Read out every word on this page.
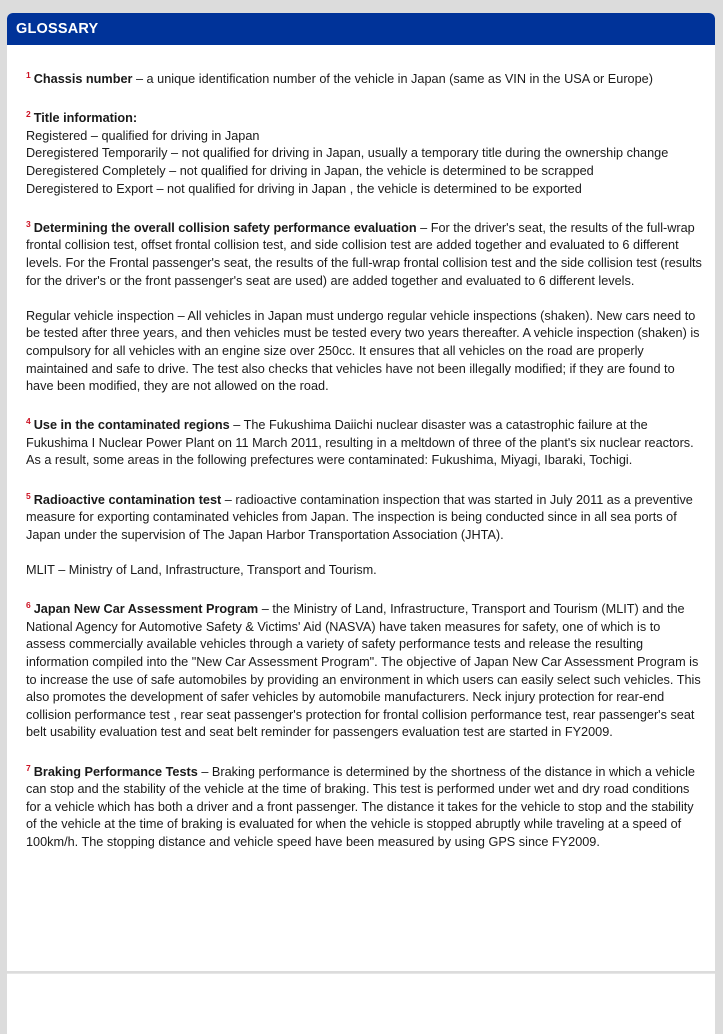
GLOSSARY

$^1$ Chassis number – a unique identification number of the vehicle in Japan (same as VIN in the USA or Europe)

$^2$ Title information:

Registered – qualified for driving in Japan

Deregistered Temporarily – not qualified for driving in Japan, usually a temporary title during the ownership change

Deregistered Completely – not qualified for driving in Japan, the vehicle is determined to be scrapped

Deregistered to Export – not qualified for driving in Japan , the vehicle is determined to be exported

$^3$ Determining the overall collision safety performance evaluation – For the driver's seat, the results of the full-wrap frontal collision test, offset frontal collision test, and side collision test are added together and evaluated to 6 different levels. For the Frontal passenger's seat, the results of the full-wrap frontal collision test and the side collision test (results for the driver's or the front passenger's seat are used) are added together and evaluated to 6 different levels.

Regular vehicle inspection – All vehicles in Japan must undergo regular vehicle inspections (shaken). New cars need to be tested after three years, and then vehicles must be tested every two years thereafter. A vehicle inspection (shaken) is compulsory for all vehicles with an engine size over 250cc. It ensures that all vehicles on the road are properly maintained and safe to drive. The test also checks that vehicles have not been illegally modified; if they are found to have been modified, they are not allowed on the road.

$^4$ Use in the contaminated regions – The Fukushima Daiichi nuclear disaster was a catastrophic failure at the Fukushima I Nuclear Power Plant on 11 March 2011, resulting in a meltdown of three of the plant's six nuclear reactors. As a result, some areas in the following prefectures were contaminated: Fukushima, Miyagi, Ibaraki, Tochigi.

$^5$ Radioactive contamination test – radioactive contamination inspection that was started in July 2011 as a preventive measure for exporting contaminated vehicles from Japan. The inspection is being conducted since in all sea ports of Japan under the supervision of The Japan Harbor Transportation Association (JHTA).

MLIT – Ministry of Land, Infrastructure, Transport and Tourism.

$^6$ Japan New Car Assessment Program – the Ministry of Land, Infrastructure, Transport and Tourism (MLIT) and the National Agency for Automotive Safety & Victims' Aid (NASVA) have taken measures for safety, one of which is to assess commercially available vehicles through a variety of safety performance tests and release the resulting information compiled into the "New Car Assessment Program". The objective of Japan New Car Assessment Program is to increase the use of safe automobiles by providing an environment in which users can easily select such vehicles. This also promotes the development of safer vehicles by automobile manufacturers. Neck injury protection for rear-end collision performance test , rear seat passenger's protection for frontal collision performance test, rear passenger's seat belt usability evaluation test and seat belt reminder for passengers evaluation test are started in FY2009.

$^7$ Braking Performance Tests – Braking performance is determined by the shortness of the distance in which a vehicle can stop and the stability of the vehicle at the time of braking. This test is performed under wet and dry road conditions for a vehicle which has both a driver and a front passenger. The distance it takes for the vehicle to stop and the stability of the vehicle at the time of braking is evaluated for when the vehicle is stopped abruptly while traveling at a speed of 100km/h. The stopping distance and vehicle speed have been measured by using GPS since FY2009.
